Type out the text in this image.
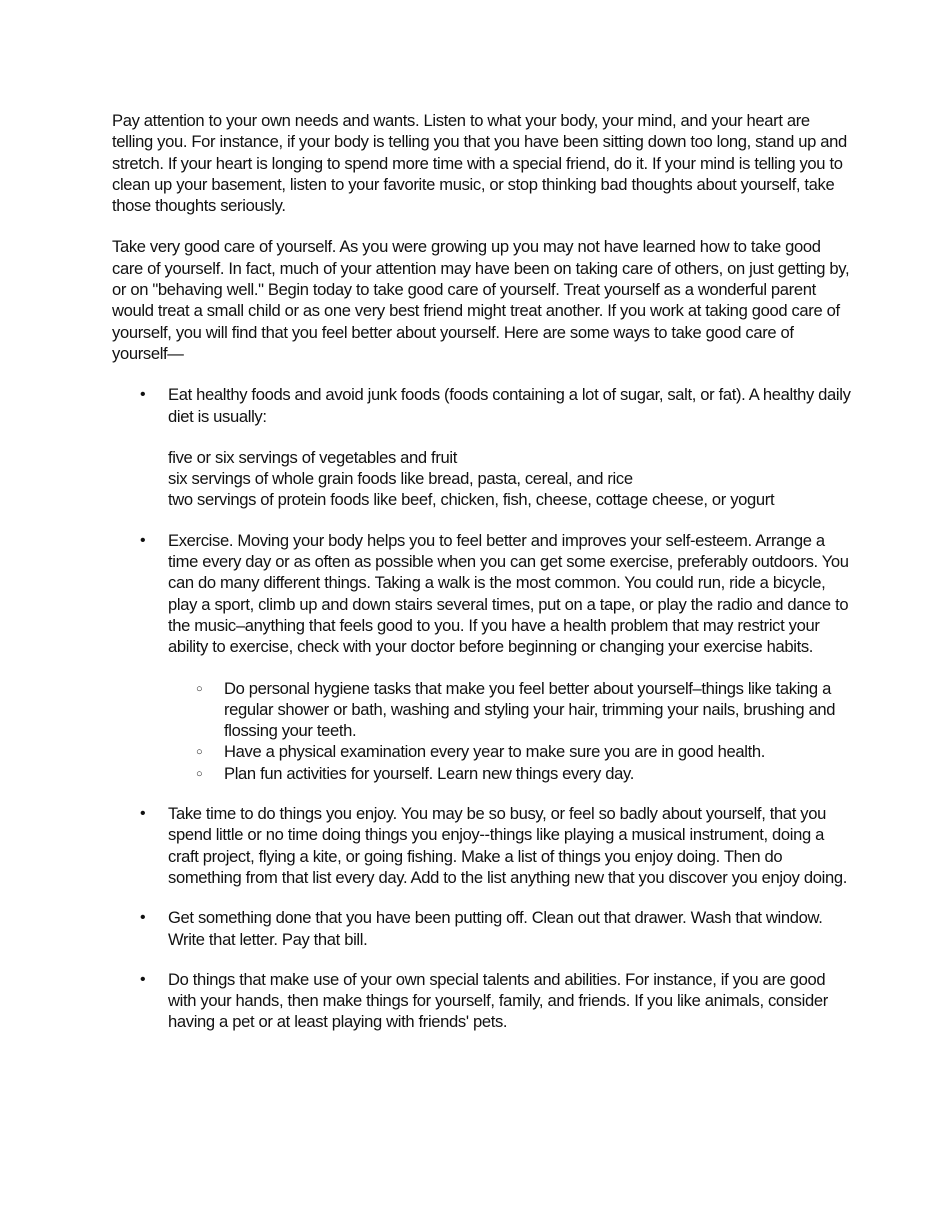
Pay attention to your own needs and wants. Listen to what your body, your mind, and your heart are telling you. For instance, if your body is telling you that you have been sitting down too long, stand up and stretch. If your heart is longing to spend more time with a special friend, do it. If your mind is telling you to clean up your basement, listen to your favorite music, or stop thinking bad thoughts about yourself, take those thoughts seriously.

Take very good care of yourself. As you were growing up you may not have learned how to take good care of yourself. In fact, much of your attention may have been on taking care of others, on just getting by, or on "behaving well." Begin today to take good care of yourself. Treat yourself as a wonderful parent would treat a small child or as one very best friend might treat another. If you work at taking good care of yourself, you will find that you feel better about yourself. Here are some ways to take good care of yourself—

• Eat healthy foods and avoid junk foods (foods containing a lot of sugar, salt, or fat). A healthy daily diet is usually:
five or six servings of vegetables and fruit
six servings of whole grain foods like bread, pasta, cereal, and rice
two servings of protein foods like beef, chicken, fish, cheese, cottage cheese, or yogurt
• Exercise. Moving your body helps you to feel better and improves your self-esteem. Arrange a time every day or as often as possible when you can get some exercise, preferably outdoors. You can do many different things. Taking a walk is the most common. You could run, ride a bicycle, play a sport, climb up and down stairs several times, put on a tape, or play the radio and dance to the music–anything that feels good to you. If you have a health problem that may restrict your ability to exercise, check with your doctor before beginning or changing your exercise habits.
○ Do personal hygiene tasks that make you feel better about yourself–things like taking a regular shower or bath, washing and styling your hair, trimming your nails, brushing and flossing your teeth.
○ Have a physical examination every year to make sure you are in good health.
○ Plan fun activities for yourself. Learn new things every day.
• Take time to do things you enjoy. You may be so busy, or feel so badly about yourself, that you spend little or no time doing things you enjoy--things like playing a musical instrument, doing a craft project, flying a kite, or going fishing. Make a list of things you enjoy doing. Then do something from that list every day. Add to the list anything new that you discover you enjoy doing.
• Get something done that you have been putting off. Clean out that drawer. Wash that window. Write that letter. Pay that bill.
• Do things that make use of your own special talents and abilities. For instance, if you are good with your hands, then make things for yourself, family, and friends. If you like animals, consider having a pet or at least playing with friends' pets.
